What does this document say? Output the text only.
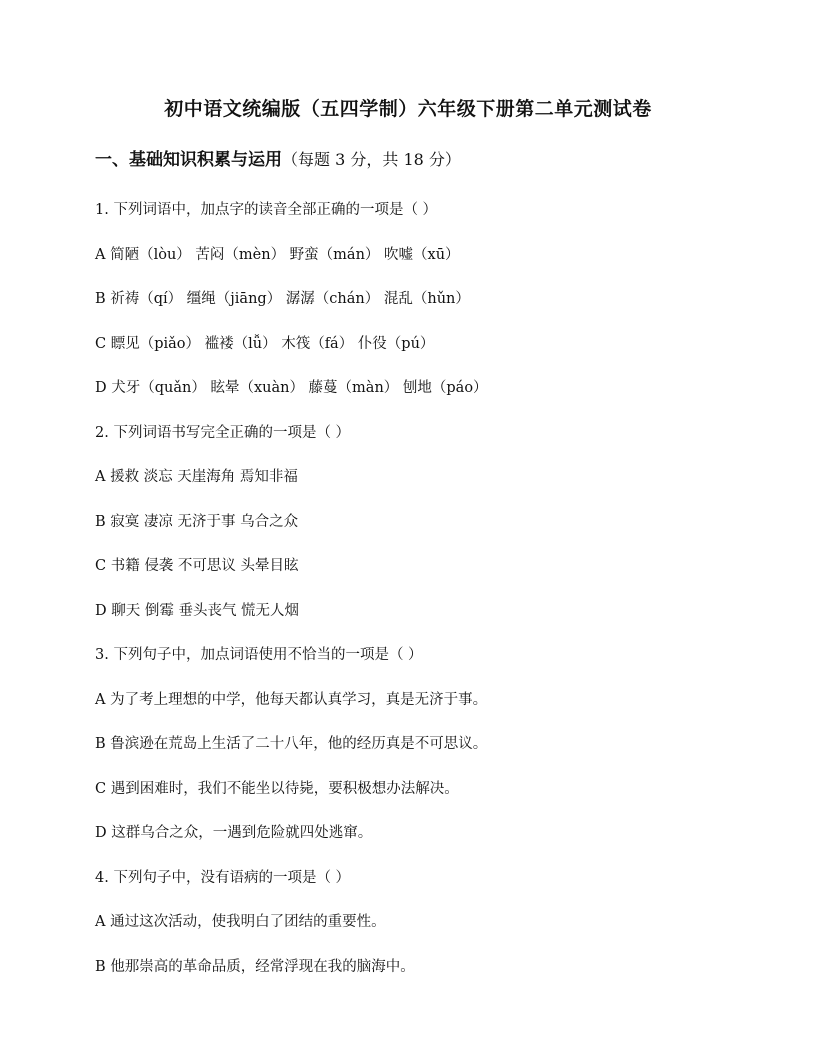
初中语文统编版（五四学制）六年级下册第二单元测试卷
一、基础知识积累与运用（每题 3 分，共 18 分）
1. 下列词语中，加点字的读音全部正确的一项是（ ）
A 简陋（lòu） 苦闷（mèn） 野蛮（mán） 吹嘘（xū）
B 祈祷（qí） 缰绳（jiāng） 潺潺（chán） 混乱（hǔn）
C 瞟见（piǎo） 褴褛（lǚ） 木筏（fá） 仆役（pú）
D 犬牙（quǎn） 眩晕（xuàn） 藤蔓（màn） 刨地（páo）
2. 下列词语书写完全正确的一项是（ ）
A 援救 淡忘 天崖海角 焉知非福
B 寂寞 凄凉 无济于事 乌合之众
C 书籍 侵袭 不可思议 头晕目眩
D 聊天 倒霉 垂头丧气 慌无人烟
3. 下列句子中，加点词语使用不恰当的一项是（ ）
A 为了考上理想的中学，他每天都认真学习，真是无济于事。
B 鲁滨逊在荒岛上生活了二十八年，他的经历真是不可思议。
C 遇到困难时，我们不能坐以待毙，要积极想办法解决。
D 这群乌合之众，一遇到危险就四处逃窜。
4. 下列句子中，没有语病的一项是（ ）
A 通过这次活动，使我明白了团结的重要性。
B 他那崇高的革命品质，经常浮现在我的脑海中。
